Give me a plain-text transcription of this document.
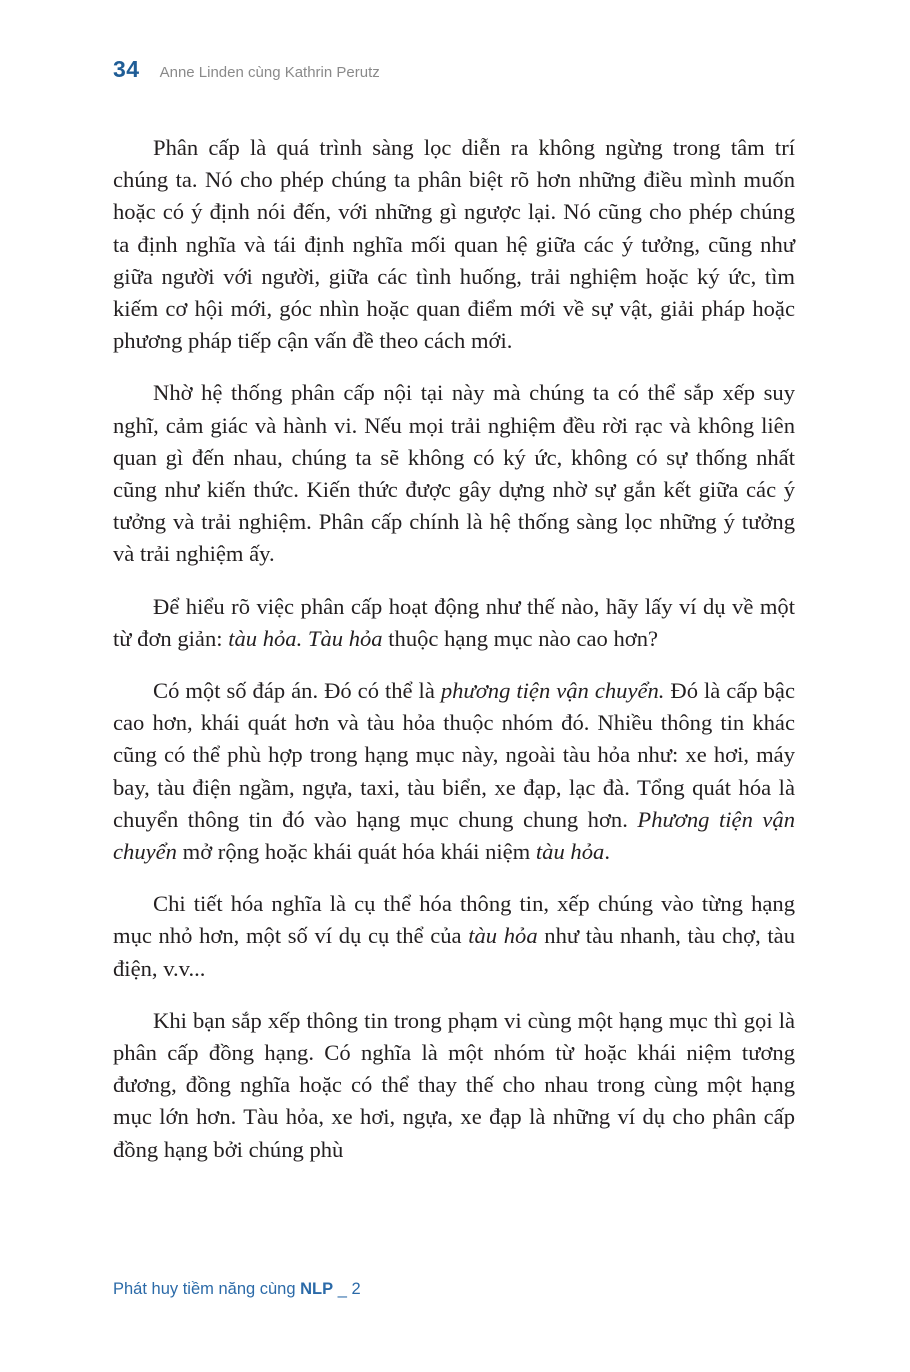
34 Anne Linden cùng Kathrin Perutz

Phân cấp là quá trình sàng lọc diễn ra không ngừng trong tâm trí chúng ta. Nó cho phép chúng ta phân biệt rõ hơn những điều mình muốn hoặc có ý định nói đến, với những gì ngược lại. Nó cũng cho phép chúng ta định nghĩa và tái định nghĩa mối quan hệ giữa các ý tưởng, cũng như giữa người với người, giữa các tình huống, trải nghiệm hoặc ký ức, tìm kiếm cơ hội mới, góc nhìn hoặc quan điểm mới về sự vật, giải pháp hoặc phương pháp tiếp cận vấn đề theo cách mới.

Nhờ hệ thống phân cấp nội tại này mà chúng ta có thể sắp xếp suy nghĩ, cảm giác và hành vi. Nếu mọi trải nghiệm đều rời rạc và không liên quan gì đến nhau, chúng ta sẽ không có ký ức, không có sự thống nhất cũng như kiến thức. Kiến thức được gây dựng nhờ sự gắn kết giữa các ý tưởng và trải nghiệm. Phân cấp chính là hệ thống sàng lọc những ý tưởng và trải nghiệm ấy.

Để hiểu rõ việc phân cấp hoạt động như thế nào, hãy lấy ví dụ về một từ đơn giản: tàu hỏa. Tàu hỏa thuộc hạng mục nào cao hơn?

Có một số đáp án. Đó có thể là phương tiện vận chuyển. Đó là cấp bậc cao hơn, khái quát hơn và tàu hỏa thuộc nhóm đó. Nhiều thông tin khác cũng có thể phù hợp trong hạng mục này, ngoài tàu hỏa như: xe hơi, máy bay, tàu điện ngầm, ngựa, taxi, tàu biển, xe đạp, lạc đà. Tổng quát hóa là chuyển thông tin đó vào hạng mục chung chung hơn. Phương tiện vận chuyển mở rộng hoặc khái quát hóa khái niệm tàu hỏa.

Chi tiết hóa nghĩa là cụ thể hóa thông tin, xếp chúng vào từng hạng mục nhỏ hơn, một số ví dụ cụ thể của tàu hỏa như tàu nhanh, tàu chợ, tàu điện, v.v...

Khi bạn sắp xếp thông tin trong phạm vi cùng một hạng mục thì gọi là phân cấp đồng hạng. Có nghĩa là một nhóm từ hoặc khái niệm tương đương, đồng nghĩa hoặc có thể thay thế cho nhau trong cùng một hạng mục lớn hơn. Tàu hỏa, xe hơi, ngựa, xe đạp là những ví dụ cho phân cấp đồng hạng bởi chúng phù

Phát huy tiềm năng cùng NLP _ 2
